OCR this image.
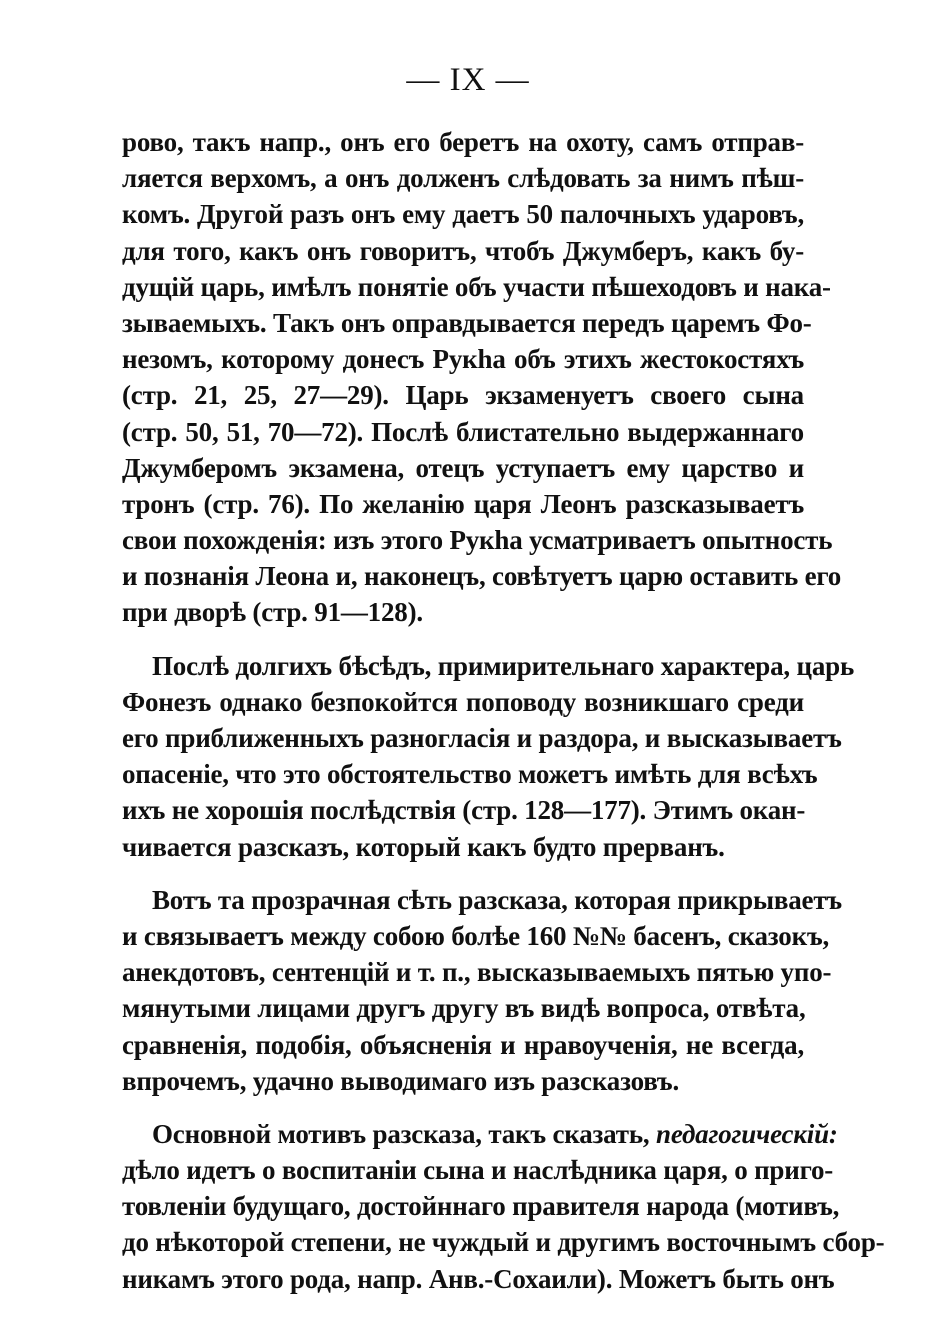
— IX —
рово, такъ напр., онъ его беретъ на охоту, самъ отправ-
ляется верхомъ, а онъ долженъ слѣдовать за нимъ пѣш-
комъ. Другой разъ онъ ему даетъ 50 палочныхъ ударовъ,
для того, какъ онъ говоритъ, чтобъ Джумберъ, какъ бу-
дущій царь, имѣлъ понятіе объ участи пѣшеходовъ и нака-
зываемыхъ. Такъ онъ оправдывается передъ царемъ Фо-
незомъ, которому донесъ Рукhа объ этихъ жестокостяхъ
(стр. 21, 25, 27—29). Царь экзаменуетъ своего сына
(стр. 50, 51, 70—72). Послѣ блистательно выдержаннаго
Джумберомъ экзамена, отецъ уступаетъ ему царство и
тронъ (стр. 76). По желанію царя Леонъ разсказываетъ
свои похожденія: изъ этого Рукhа усматриваетъ опытность
и познанія Леона и, наконецъ, совѣтуетъ царю оставить его
при дворѣ (стр. 91—128).
Послѣ долгихъ бѣсѣдъ, примирительнаго характера, царь
Фонезъ однако безпокойтся поповоду возникшаго среди
его приближенныхъ разногласія и раздора, и высказываетъ
опасеніе, что это обстоятельство можетъ имѣть для всѣхъ
ихъ не хорошія послѣдствія (стр. 128—177). Этимъ окан-
чивается разсказъ, который какъ будто прерванъ.
Вотъ та прозрачная сѣть разсказа, которая прикрываетъ
и связываетъ между собою болѣе 160 №№ басенъ, сказокъ,
анекдотовъ, сентенцій и т. п., высказываемыхъ пятью упо-
мянутыми лицами другъ другу въ видѣ вопроса, отвѣта,
сравненія, подобія, объясненія и нравоученія, не всегда,
впрочемъ, удачно выводимаго изъ разсказовъ.
Основной мотивъ разсказа, такъ сказать, педагогическій:
дѣло идетъ о воспитаніи сына и наслѣдника царя, о приго-
товленіи будущаго, достойннаго правителя народа (мотивъ,
до нѣкоторой степени, не чуждый и другимъ восточнымъ сбор-
никамъ этого рода, напр. Анв.-Сохаили). Можетъ быть онъ
